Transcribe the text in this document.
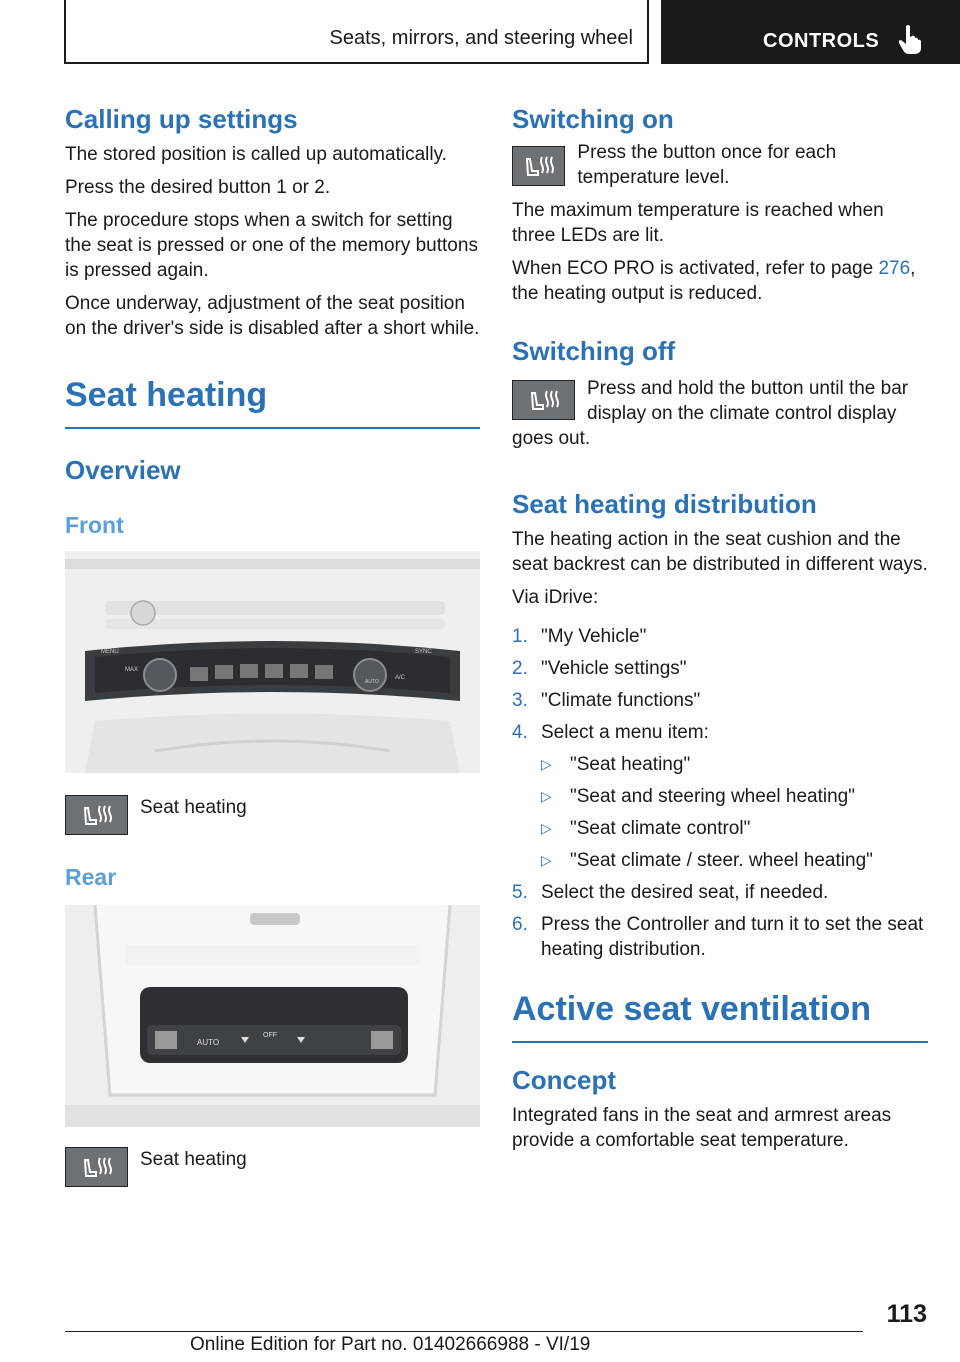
Seats, mirrors, and steering wheel	CONTROLS
Calling up settings

The stored position is called up automatically.

Press the desired button 1 or 2.

The procedure stops when a switch for setting the seat is pressed or one of the memory buttons is pressed again.

Once underway, adjustment of the seat position on the driver's side is disabled after a short while.

Seat heating
Overview
Front
MENU
MAX
SYNC
AUTO
A/C
Seat heating
Rear
AUTO
OFF
Seat heating
Switching on
Press the button once for each temperature level.

The maximum temperature is reached when three LEDs are lit.

When ECO PRO is activated, refer to page 276, the heating output is reduced.

Switching off

Press and hold the button until the bar display on the climate control display goes out.

Seat heating distribution

The heating action in the seat cushion and the seat backrest can be distributed in different ways.

Via iDrive:

1. "My Vehicle"
2. "Vehicle settings"
3. "Climate functions"
4. Select a menu item:
▷ "Seat heating"
▷ "Seat and steering wheel heating"
▷ "Seat climate control"
▷ "Seat climate / steer. wheel heating"
5. Select the desired seat, if needed.
6. Press the Controller and turn it to set the seat heating distribution.
Active seat ventilation
Concept

Integrated fans in the seat and armrest areas provide a comfortable seat temperature.

113
Online Edition for Part no. 01402666988 - VI/19
